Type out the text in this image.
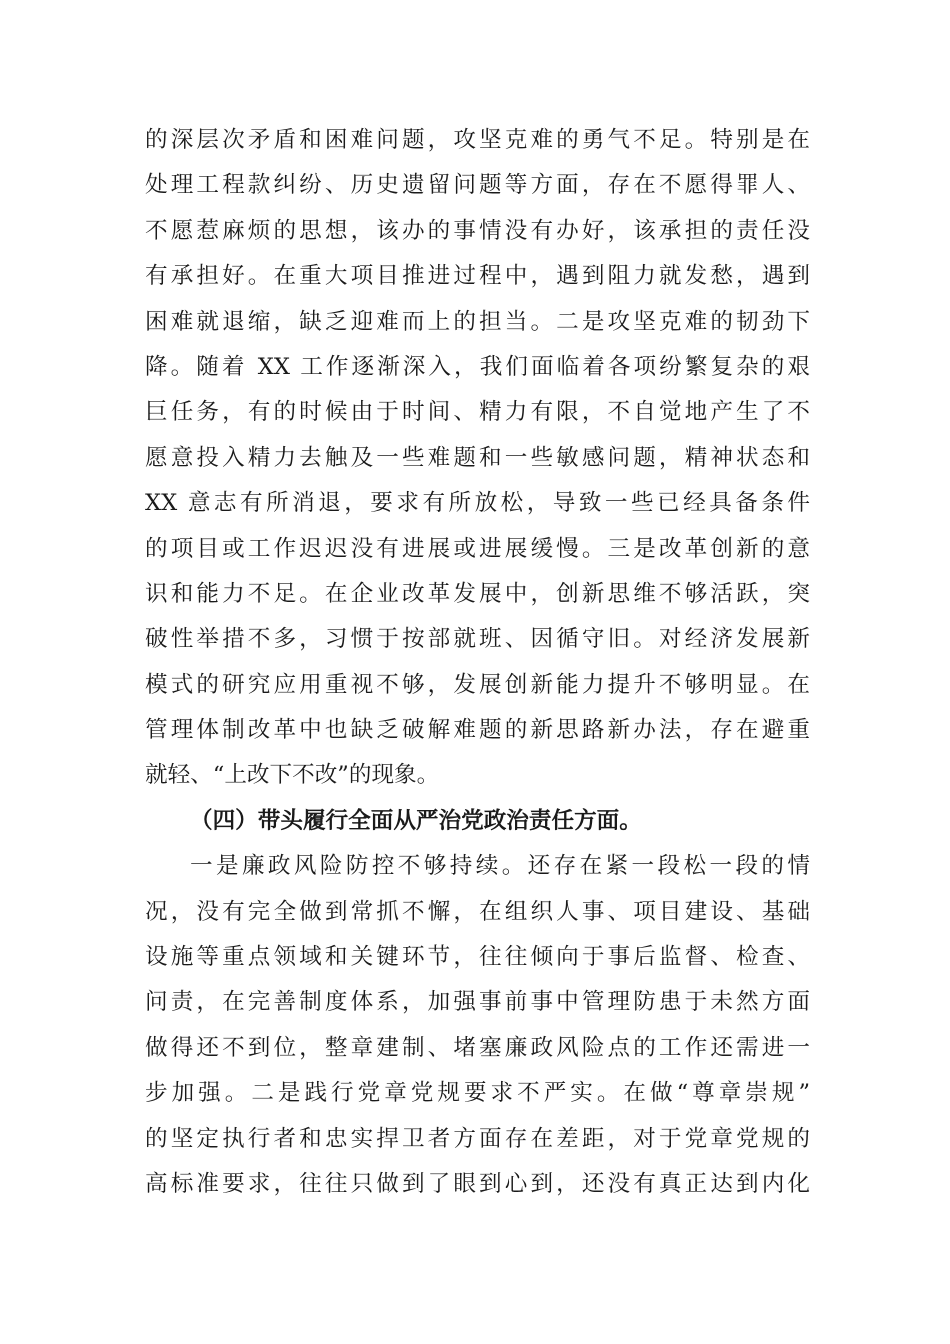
的深层次矛盾和困难问题，攻坚克难的勇气不足。特别是在
处理工程款纠纷、历史遗留问题等方面，存在不愿得罪人、
不愿惹麻烦的思想，该办的事情没有办好，该承担的责任没
有承担好。在重大项目推进过程中，遇到阻力就发愁，遇到
困难就退缩，缺乏迎难而上的担当。二是攻坚克难的韧劲下
降。随着 XX 工作逐渐深入，我们面临着各项纷繁复杂的艰
巨任务，有的时候由于时间、精力有限，不自觉地产生了不
愿意投入精力去触及一些难题和一些敏感问题，精神状态和
XX 意志有所消退，要求有所放松，导致一些已经具备条件
的项目或工作迟迟没有进展或进展缓慢。三是改革创新的意
识和能力不足。在企业改革发展中，创新思维不够活跃，突
破性举措不多，习惯于按部就班、因循守旧。对经济发展新
模式的研究应用重视不够，发展创新能力提升不够明显。在
管理体制改革中也缺乏破解难题的新思路新办法，存在避重
就轻、“上改下不改”的现象。
（四）带头履行全面从严治党政治责任方面。
一是廉政风险防控不够持续。还存在紧一段松一段的情
况，没有完全做到常抓不懈，在组织人事、项目建设、基础
设施等重点领域和关键环节，往往倾向于事后监督、检查、
问责，在完善制度体系，加强事前事中管理防患于未然方面
做得还不到位，整章建制、堵塞廉政风险点的工作还需进一
步加强。二是践行党章党规要求不严实。在做“尊章崇规”
的坚定执行者和忠实捍卫者方面存在差距，对于党章党规的
高标准要求，往往只做到了眼到心到，还没有真正达到内化
